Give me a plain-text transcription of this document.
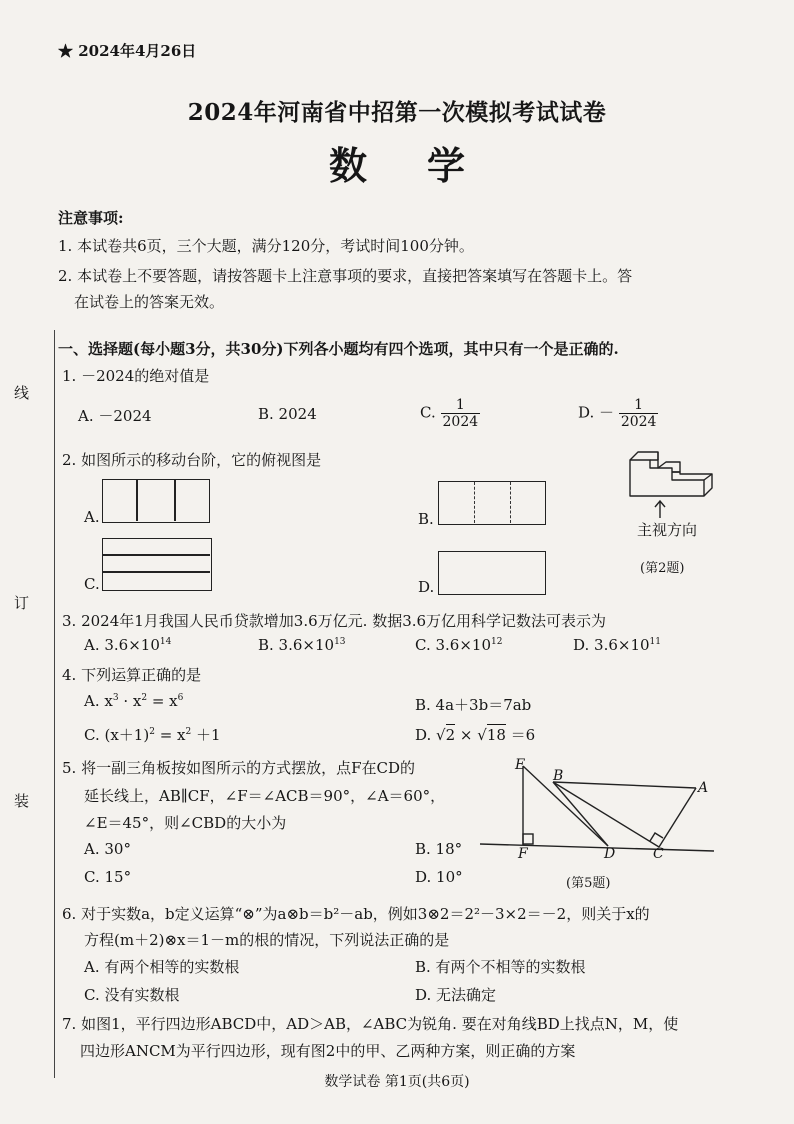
★ 2024年4月26日
2024年河南省中招第一次模拟考试试卷
数学
注意事项:
1. 本试卷共6页，三个大题，满分120分，考试时间100分钟。
2. 本试卷上不要答题，请按答题卡上注意事项的要求，直接把答案填写在答题卡上。答
在试卷上的答案无效。
线
订
装
一、选择题(每小题3分，共30分)下列各小题均有四个选项，其中只有一个是正确的.
1. －2024的绝对值是
A. －2024	B. 2024	C. $\frac{1}{2024}$	D. － $\frac{1}{2024}$
2. 如图所示的移动台阶，它的俯视图是
A.	B.
C.	D.
主视方向
(第2题)
3. 2024年1月我国人民币贷款增加3.6万亿元. 数据3.6万亿用科学记数法可表示为
A. $3.6\times 10^{14}$	B. $3.6\times 10^{13}$	C. $3.6\times 10^{12}$	D. $3.6\times 10^{11}$
4. 下列运算正确的是
A. $x^3 \cdot x^2 = x^6$	B. 4a＋3b＝7ab
C. $(x+1)^2 = x^2 +1$	D. √2 × √18 ＝6
5. 将一副三角板按如图所示的方式摆放，点F在CD的
延长线上，AB∥CF，∠F＝∠ACB＝90°，∠A＝60°，
∠E＝45°，则∠CBD的大小为
A. 30°	B. 18°
C. 15°	D. 10°
E
B
A
F	D	C
(第5题)
6. 对于实数a，b定义运算“⊗”为a⊗b＝b²－ab，例如3⊗2＝2²－3×2＝－2，则关于x的
方程(m＋2)⊗x＝1－m的根的情况，下列说法正确的是
A. 有两个相等的实数根	B. 有两个不相等的实数根
C. 没有实数根	D. 无法确定
7. 如图1，平行四边形ABCD中，AD＞AB，∠ABC为锐角. 要在对角线BD上找点N，M，使
四边形ANCM为平行四边形，现有图2中的甲、乙两种方案，则正确的方案
数学试卷 第1页(共6页)
